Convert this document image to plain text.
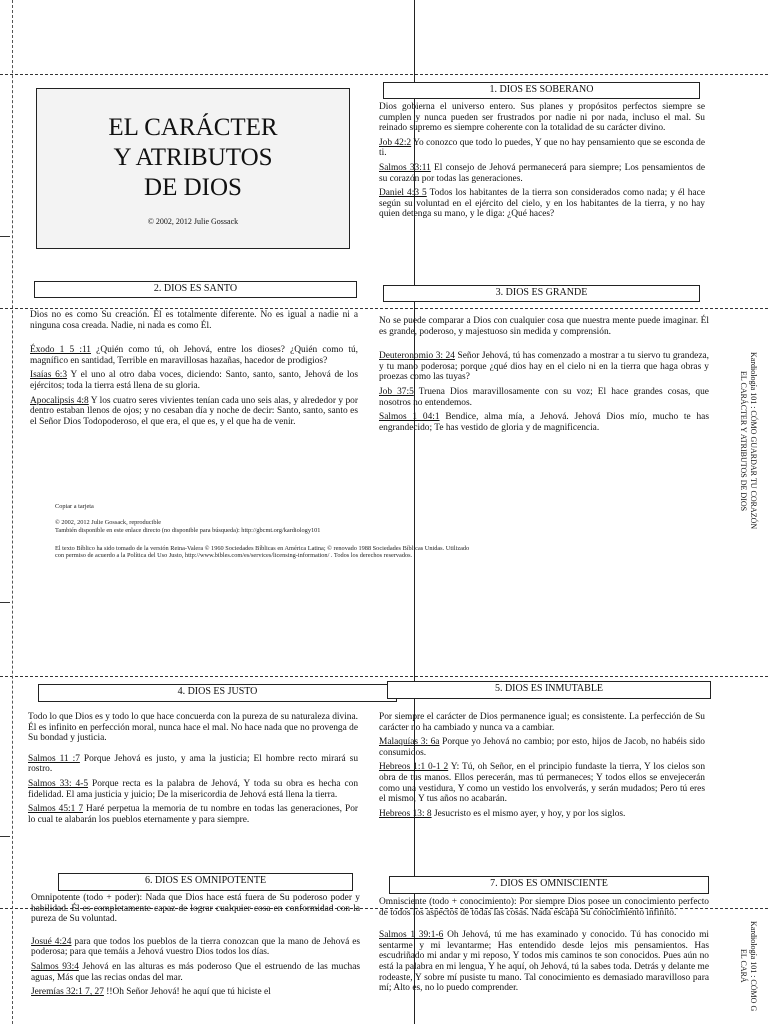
EL CARÁCTER
Y ATRIBUTOS
DE DIOS
© 2002, 2012 Julie Gossack
1. DIOS ES SOBERANO

Dios gobierna el universo entero. Sus planes y propósitos perfectos siempre se cumplen y nunca pueden ser frustrados por nadie ni por nada, incluso el mal. Su reinado supremo es siempre coherente con la totalidad de su carácter divino.

Job 42:2 Yo conozco que todo lo puedes, Y que no hay pensamiento que se esconda de ti.

Salmos 33:11 El consejo de Jehová permanecerá para siempre; Los pensamientos de su corazón por todas las generaciones.

Daniel 4:3 5 Todos los habitantes de la tierra son considerados como nada; y él hace según su voluntad en el ejército del cielo, y en los habitantes de la tierra, y no hay quien detenga su mano, y le diga: ¿Qué haces?

2. DIOS ES SANTO

Dios no es como Su creación. Él es totalmente diferente. No es igual a nadie ni a ninguna cosa creada. Nadie, ni nada es como Él.

Éxodo 1 5 :11 ¿Quién como tú, oh Jehová, entre los dioses? ¿Quién como tú, magnífico en santidad, Terrible en maravillosas hazañas, hacedor de prodigios?

Isaías 6:3 Y el uno al otro daba voces, diciendo: Santo, santo, santo, Jehová de los ejércitos; toda la tierra está llena de su gloria.

Apocalipsis 4:8 Y los cuatro seres vivientes tenían cada uno seis alas, y alrededor y por dentro estaban llenos de ojos; y no cesaban día y noche de decir: Santo, santo, santo es el Señor Dios Todopoderoso, el que era, el que es, y el que ha de venir.

3. DIOS ES GRANDE

No se puede comparar a Dios con cualquier cosa que nuestra mente puede imaginar. Él es grande, poderoso, y majestuoso sin medida y comprensión.

Deuteronomio 3: 24 Señor Jehová, tú has comenzado a mostrar a tu siervo tu grandeza, y tu mano poderosa; porque ¿qué dios hay en el cielo ni en la tierra que haga obras y proezas como las tuyas?

Job 37:5 Truena Dios maravillosamente con su voz; El hace grandes cosas, que nosotros no entendemos.

Salmos 1 04:1 Bendice, alma mía, a Jehová. Jehová Dios mío, mucho te has engrandecido; Te has vestido de gloria y de magnificencia.

Copiar a tarjeta
© 2002, 2012 Julie Gossack, reproducible
También disponible en este enlace directo (no disponible para búsqueda): http://gbcmt.org/kardiology101
El texto Bíblico ha sido tomado de la versión Reina-Valera © 1960 Sociedades Bíblicas en América Latina; © renovado 1988 Sociedades Bíblicas Unidas. Utilizado
con permiso de acuerdo a la Política del Uso Justo, http://www.bibles.com/es/services/licensing-information/ . Todos los derechos reservados.
Kardiología 101 : CÓMO GUARDAR TU CORAZÓN
EL CARÁCTER Y ATRIBUTOS DE DIOS
Kardiología 101 : CÓMO G
EL CARÁ
4. DIOS ES JUSTO

Todo lo que Dios es y todo lo que hace concuerda con la pureza de su naturaleza divina. Él es infinito en perfección moral, nunca hace el mal. No hace nada que no provenga de Su bondad y justicia.

Salmos 11 :7 Porque Jehová es justo, y ama la justicia; El hombre recto mirará su rostro.

Salmos 33: 4-5 Porque recta es la palabra de Jehová, Y toda su obra es hecha con fidelidad. El ama justicia y juicio; De la misericordia de Jehová está llena la tierra.

Salmos 45:1 7 Haré perpetua la memoria de tu nombre en todas las generaciones, Por lo cual te alabarán los pueblos eternamente y para siempre.

5. DIOS ES INMUTABLE

Por siempre el carácter de Dios permanence igual; es consistente. La perfección de Su carácter no ha cambiado y nunca va a cambiar.

Malaquías 3: 6a Porque yo Jehová no cambio; por esto, hijos de Jacob, no habéis sido consumidos.

Hebreos 1:1 0-1 2 Y: Tú, oh Señor, en el principio fundaste la tierra, Y los cielos son obra de tus manos. Ellos perecerán, mas tú permaneces; Y todos ellos se envejecerán como una vestidura, Y como un vestido los envolverás, y serán mudados; Pero tú eres el mismo, Y tus años no acabarán.

Hebreos 13: 8 Jesucristo es el mismo ayer, y hoy, y por los siglos.

6. DIOS ES OMNIPOTENTE

Omnipotente (todo + poder): Nada que Dios hace está fuera de Su poderoso poder y habilidad. Él es completamente capaz de lograr cualquier cosa en conformidad con la pureza de Su voluntad.

Josué 4:24 para que todos los pueblos de la tierra conozcan que la mano de Jehová es poderosa; para que temáis a Jehová vuestro Dios todos los días.

Salmos 93:4 Jehová en las alturas es más poderoso Que el estruendo de las muchas aguas, Más que las recias ondas del mar.

Jeremías 32:1 7, 27 !!Oh Señor Jehová! he aquí que tú hiciste el

7. DIOS ES OMNISCIENTE

Omnisciente (todo + conocimiento): Por siempre Dios posee un conocimiento perfecto de todos los aspectos de todas las cosas. Nada escapa Su conocimiento infinito.

Salmos 1 39:1-6 Oh Jehová, tú me has examinado y conocido. Tú has conocido mi sentarme y mi levantarme; Has entendido desde lejos mis pensamientos. Has escudriñado mi andar y mi reposo, Y todos mis caminos te son conocidos. Pues aún no está la palabra en mi lengua, Y he aquí, oh Jehová, tú la sabes toda. Detrás y delante me rodeaste, Y sobre mí pusiste tu mano. Tal conocimiento es demasiado maravilloso para mí; Alto es, no lo puedo comprender.
